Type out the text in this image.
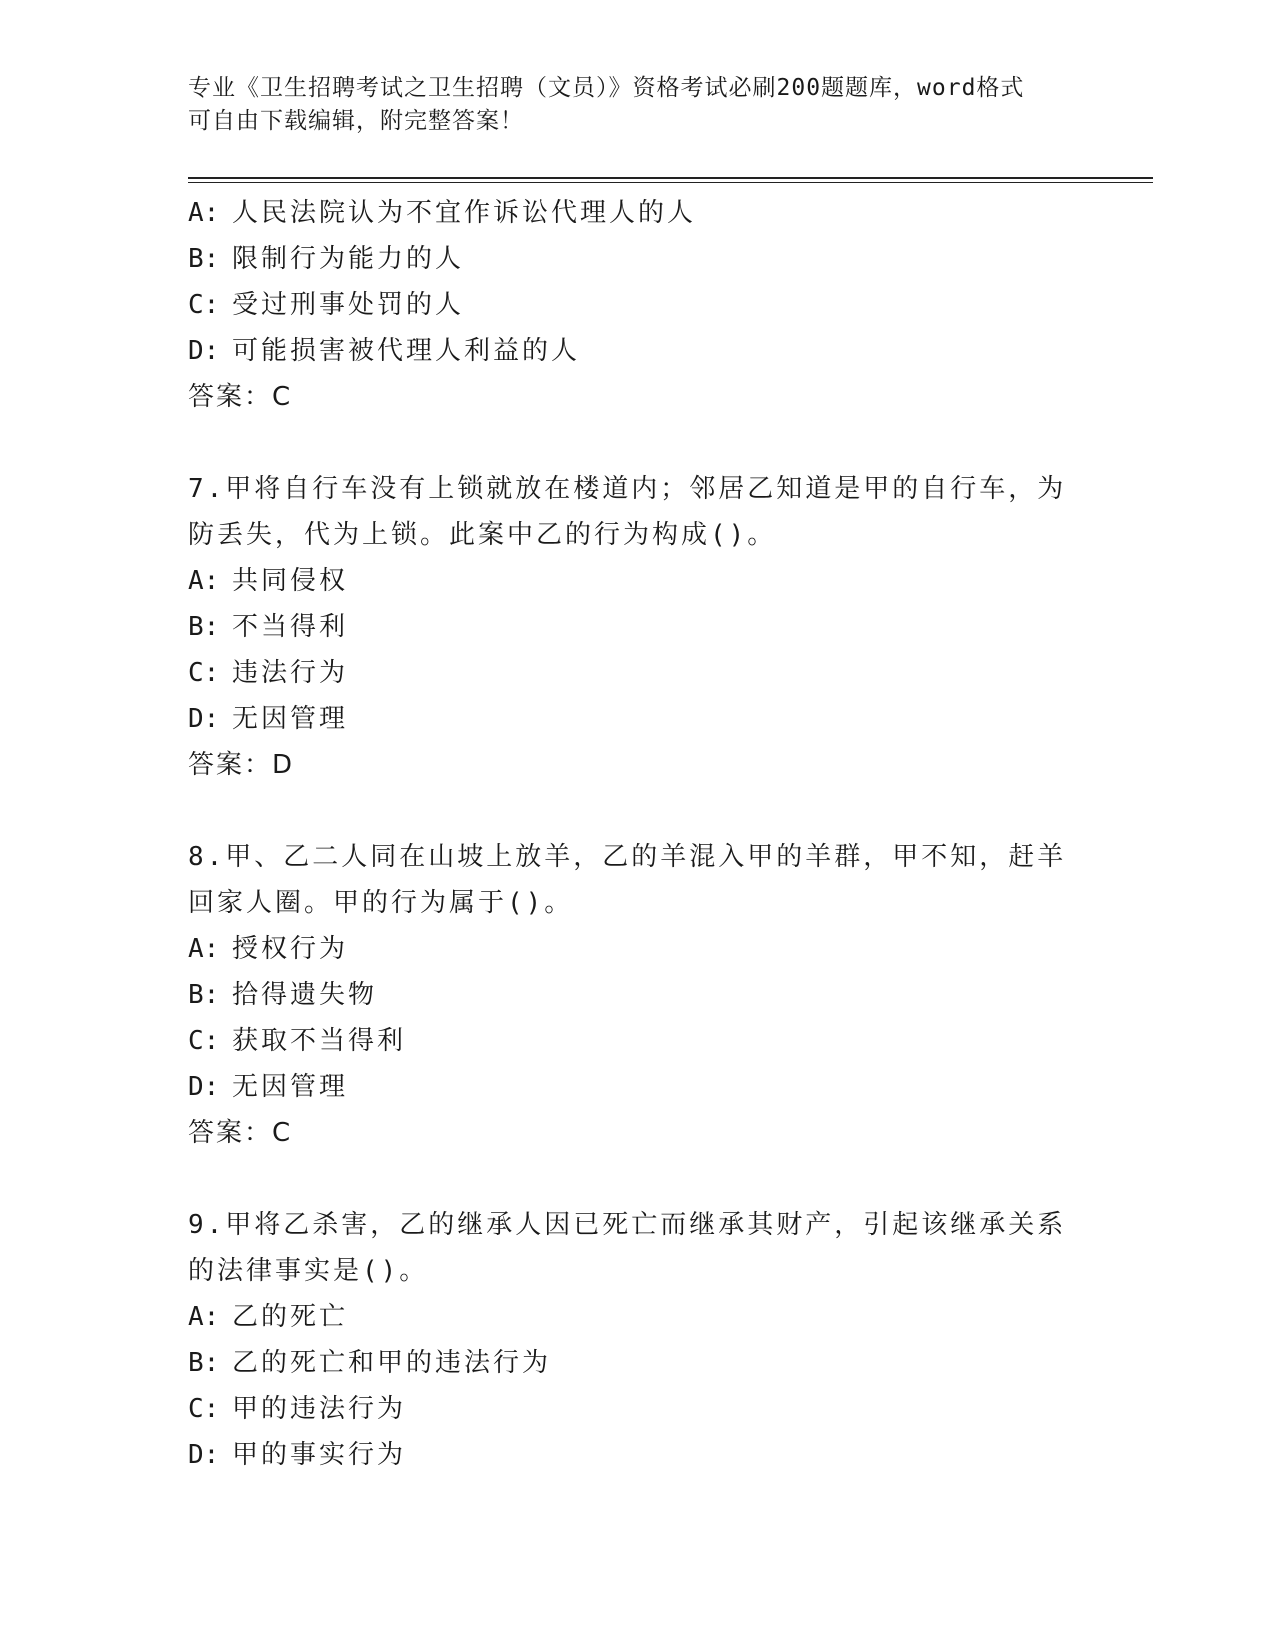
专业《卫生招聘考试之卫生招聘（文员）》资格考试必刷200题题库，word格式
可自由下载编辑，附完整答案！
A: 人民法院认为不宜作诉讼代理人的人
B: 限制行为能力的人
C: 受过刑事处罚的人
D: 可能损害被代理人利益的人
答案：C
7.甲将自行车没有上锁就放在楼道内；邻居乙知道是甲的自行车，为
防丢失，代为上锁。此案中乙的行为构成()。
A: 共同侵权
B: 不当得利
C: 违法行为
D: 无因管理
答案：D
8.甲、乙二人同在山坡上放羊，乙的羊混入甲的羊群，甲不知，赶羊
回家人圈。甲的行为属于()。
A: 授权行为
B: 拾得遗失物
C: 获取不当得利
D: 无因管理
答案：C
9.甲将乙杀害，乙的继承人因已死亡而继承其财产，引起该继承关系
的法律事实是()。
A: 乙的死亡
B: 乙的死亡和甲的违法行为
C: 甲的违法行为
D: 甲的事实行为
